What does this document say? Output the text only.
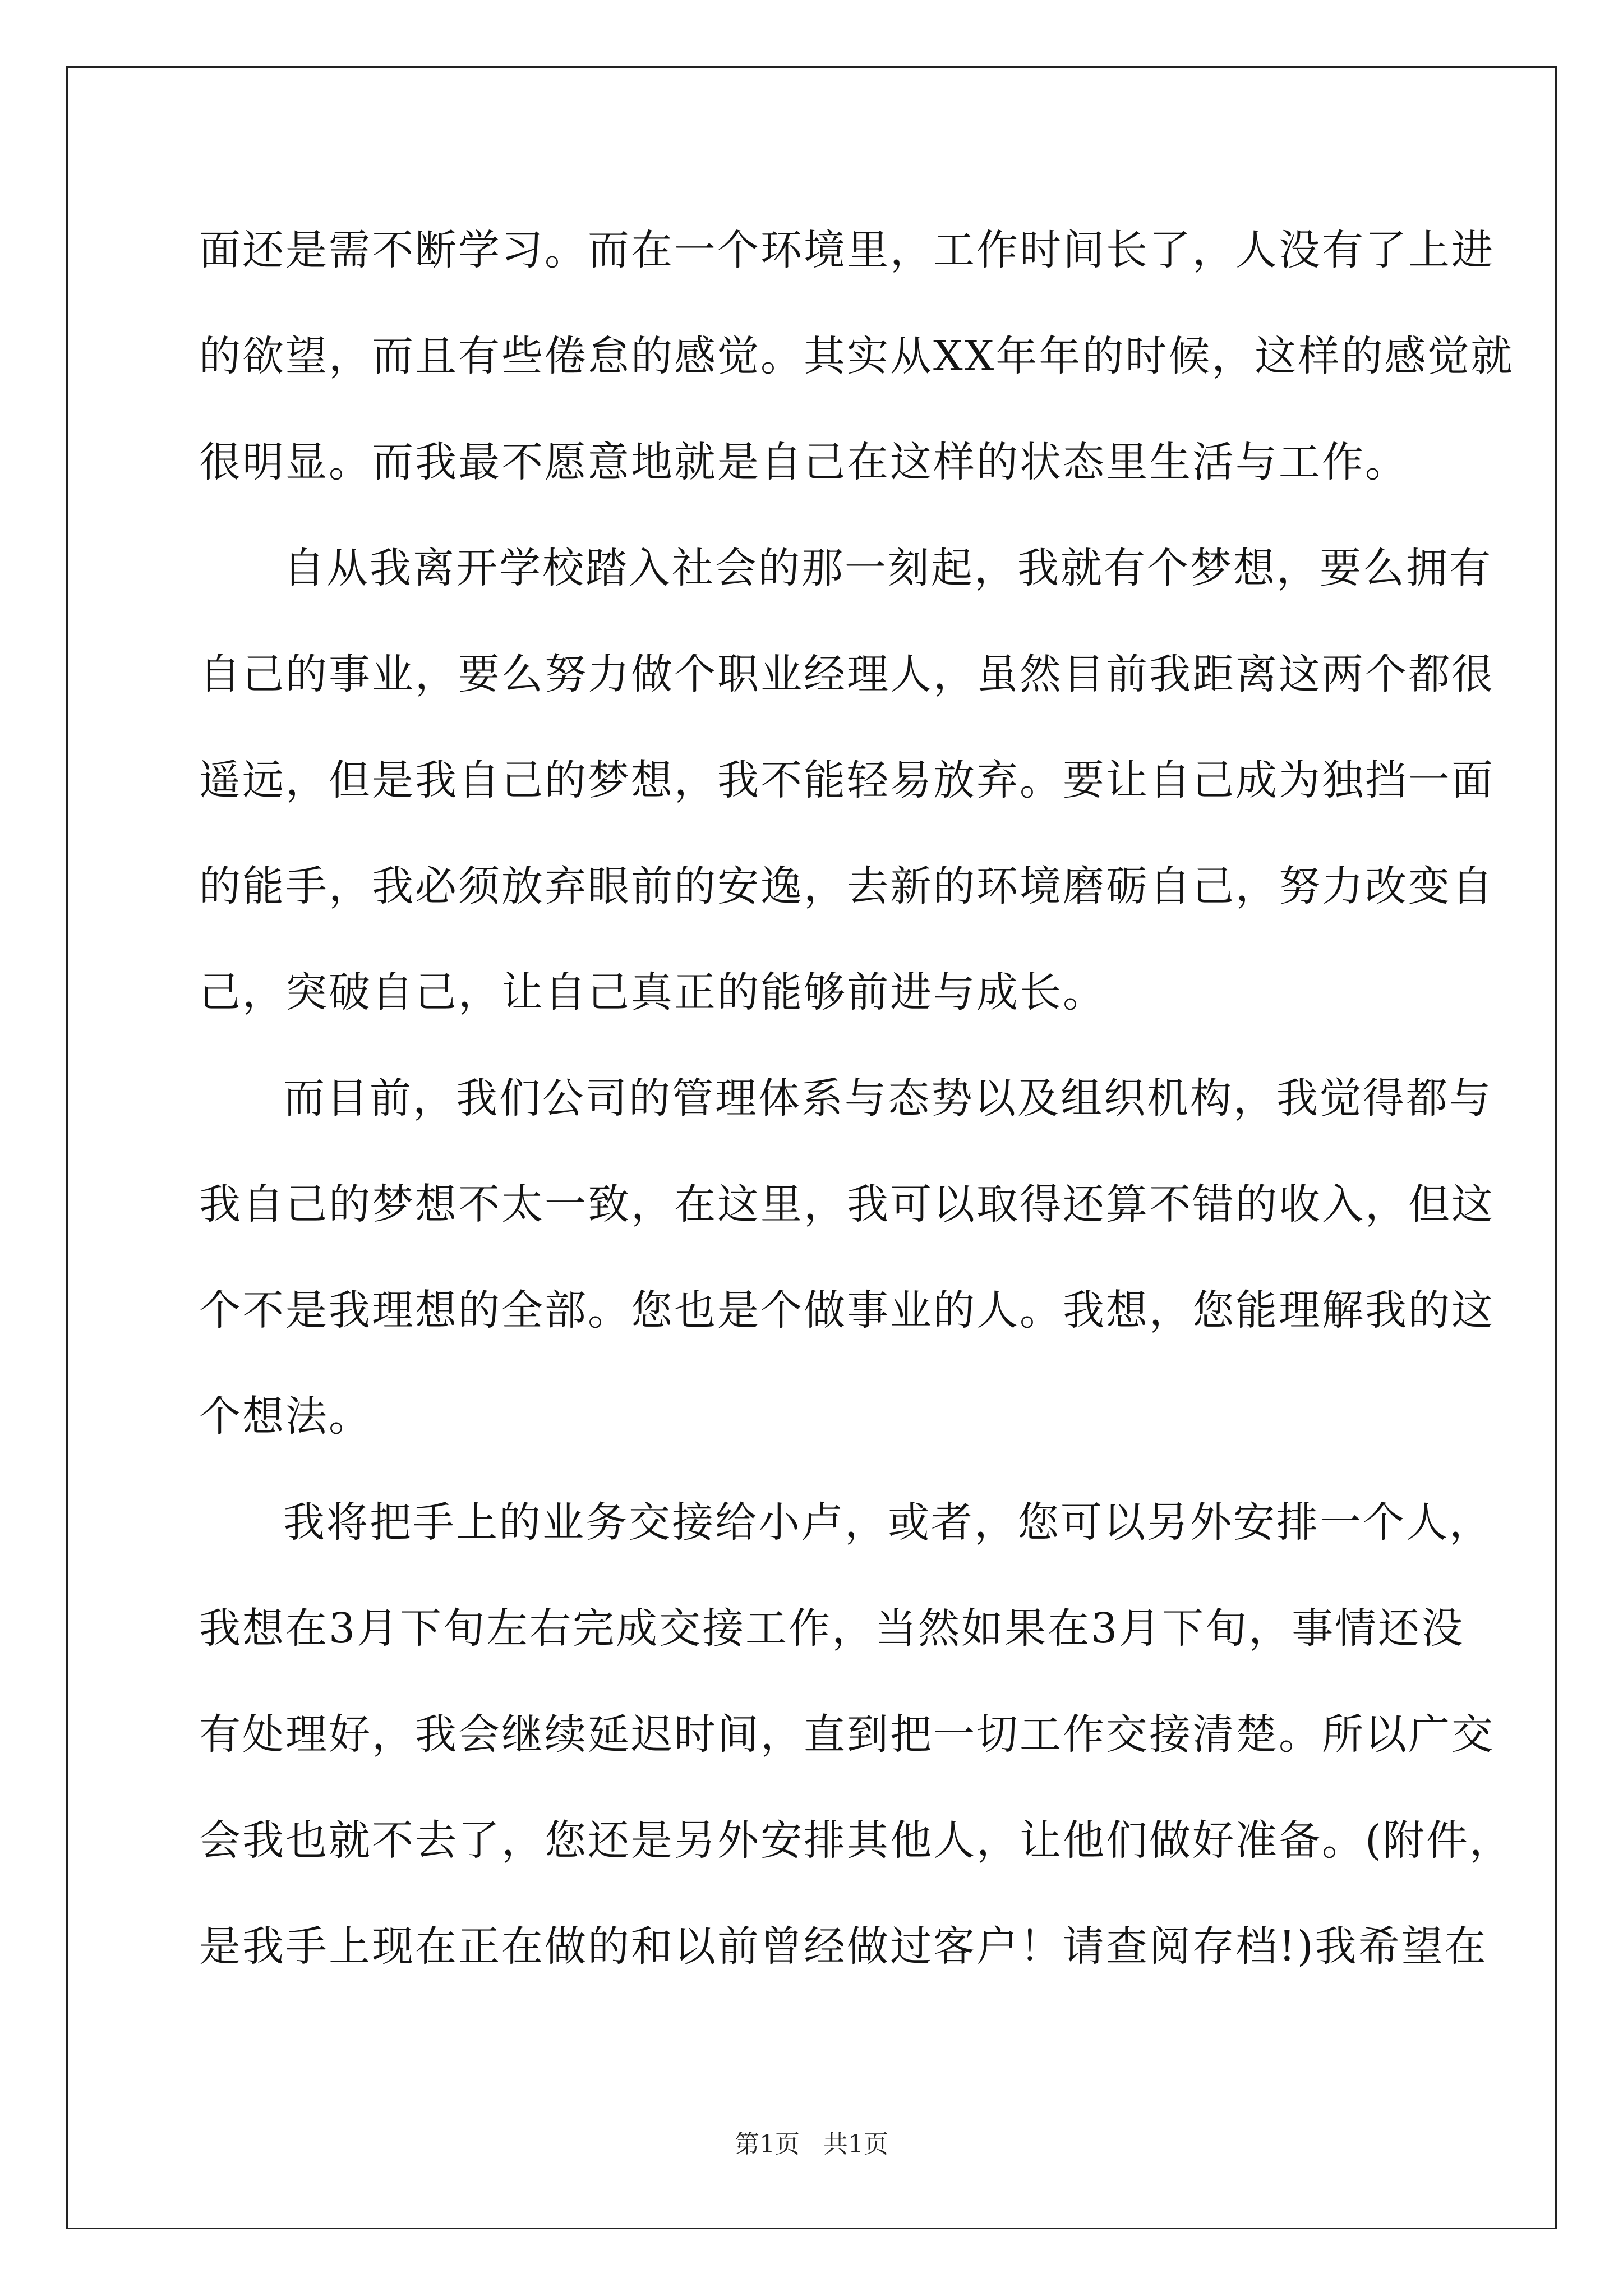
面还是需不断学习。而在一个环境里，工作时间长了，人没有了上进
的欲望，而且有些倦怠的感觉。其实从XX年年的时候，这样的感觉就
很明显。而我最不愿意地就是自己在这样的状态里生活与工作。
自从我离开学校踏入社会的那一刻起，我就有个梦想，要么拥有
自己的事业，要么努力做个职业经理人，虽然目前我距离这两个都很
遥远，但是我自己的梦想，我不能轻易放弃。要让自己成为独挡一面
的能手，我必须放弃眼前的安逸，去新的环境磨砺自己，努力改变自
己，突破自己，让自己真正的能够前进与成长。
而目前，我们公司的管理体系与态势以及组织机构，我觉得都与
我自己的梦想不太一致，在这里，我可以取得还算不错的收入，但这
个不是我理想的全部。您也是个做事业的人。我想，您能理解我的这
个想法。
我将把手上的业务交接给小卢，或者，您可以另外安排一个人，
我想在3月下旬左右完成交接工作，当然如果在3月下旬，事情还没
有处理好，我会继续延迟时间，直到把一切工作交接清楚。所以广交
会我也就不去了，您还是另外安排其他人，让他们做好准备。(附件，
是我手上现在正在做的和以前曾经做过客户！请查阅存档!)我希望在
第1页   共1页
